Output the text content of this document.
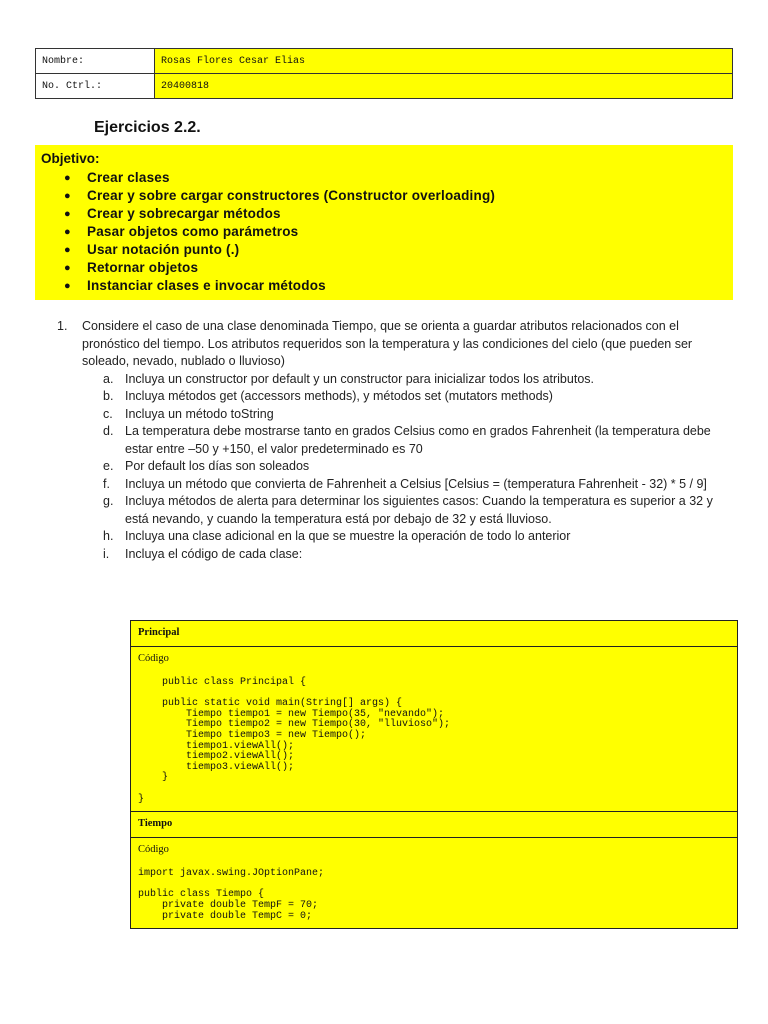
Nombre:	Rosas Flores Cesar Elias
No. Ctrl.:	20400818
Ejercicios 2.2.
Objetivo:
● Crear clases
● Crear y sobre cargar constructores (Constructor overloading)
● Crear y sobrecargar métodos
● Pasar objetos como parámetros
● Usar notación punto (.)
● Retornar objetos
● Instanciar clases e invocar métodos
1. Considere el caso de una clase denominada Tiempo, que se orienta a guardar atributos relacionados con el pronóstico del tiempo. Los atributos requeridos son la temperatura y las condiciones del cielo (que pueden ser soleado, nevado, nublado o lluvioso)
a. Incluya un constructor por default y un constructor para inicializar todos los atributos.
b. Incluya métodos get (accessors methods), y métodos set (mutators methods)
c. Incluya un método toString
d. La temperatura debe mostrarse tanto en grados Celsius como en grados Fahrenheit (la temperatura debe estar entre –50 y +150, el valor predeterminado es 70
e. Por default los días son soleados
f. Incluya un método que convierta de Fahrenheit a Celsius [Celsius = (temperatura Fahrenheit - 32) * 5 / 9]
g. Incluya métodos de alerta para determinar los siguientes casos: Cuando la temperatura es superior a 32 y está nevando, y cuando la temperatura está por debajo de 32 y está lluvioso.
h. Incluya una clase adicional en la que se muestre la operación de todo lo anterior
i. Incluya el código de cada clase:
Principal
Código
public class Principal {

public static void main(String[] args) {
Tiempo tiempo1 = new Tiempo(35, "nevando");
Tiempo tiempo2 = new Tiempo(30, "lluvioso");
Tiempo tiempo3 = new Tiempo();
tiempo1.viewAll();
tiempo2.viewAll();
tiempo3.viewAll();
}

}
Tiempo
Código
import javax.swing.JOptionPane;

public class Tiempo {
private double TempF = 70;
private double TempC = 0;
